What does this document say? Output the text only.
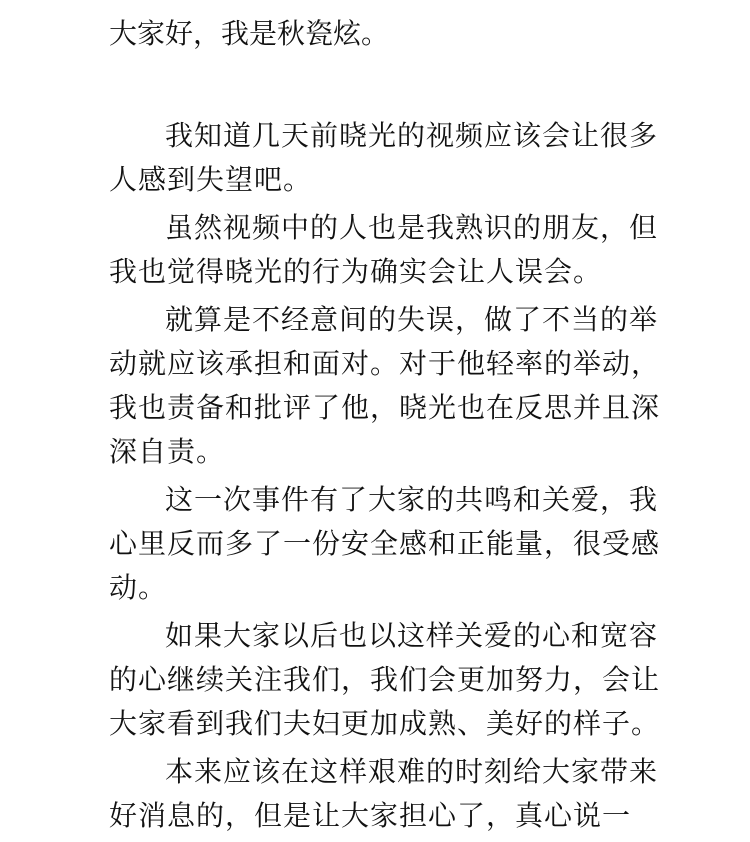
大家好，我是秋瓷炫。

我知道几天前晓光的视频应该会让很多人感到失望吧。

虽然视频中的人也是我熟识的朋友，但我也觉得晓光的行为确实会让人误会。

就算是不经意间的失误，做了不当的举动就应该承担和面对。对于他轻率的举动，我也责备和批评了他，晓光也在反思并且深深自责。

这一次事件有了大家的共鸣和关爱，我心里反而多了一份安全感和正能量，很受感动。

如果大家以后也以这样关爱的心和宽容的心继续关注我们，我们会更加努力，会让大家看到我们夫妇更加成熟、美好的样子。

本来应该在这样艰难的时刻给大家带来好消息的，但是让大家担心了，真心说一
